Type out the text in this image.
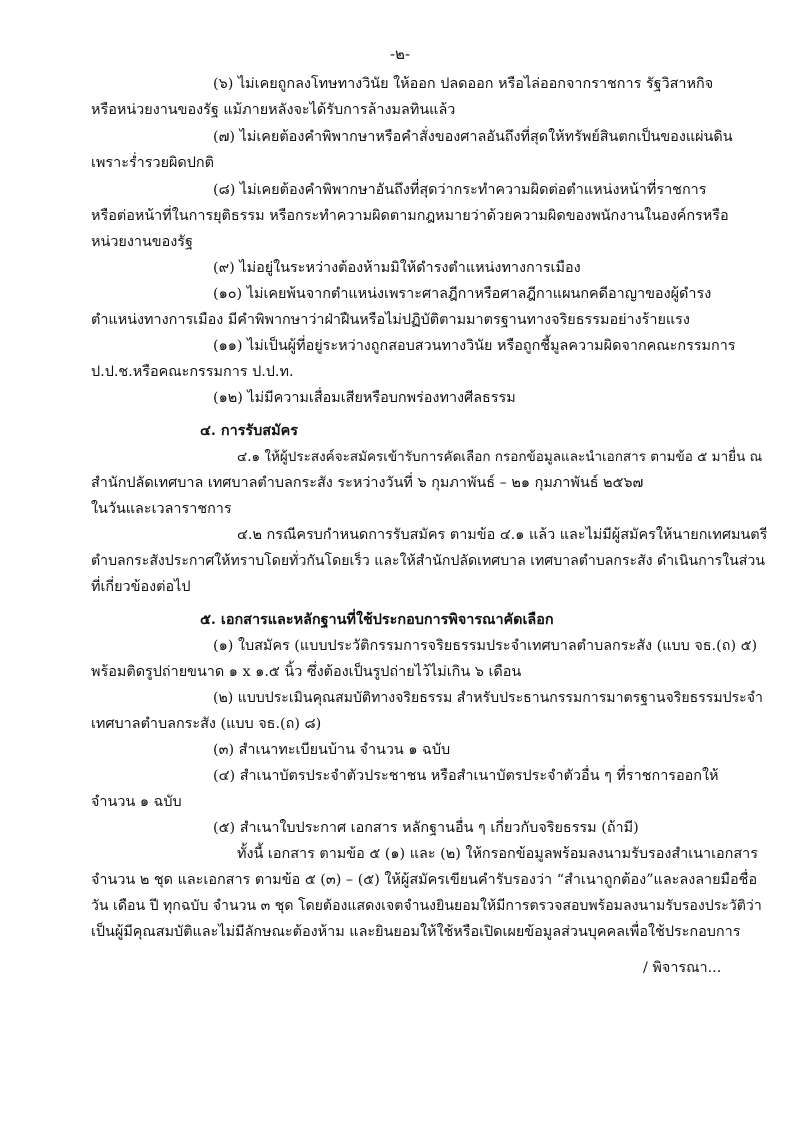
-๒-
(๖) ไม่เคยถูกลงโทษทางวินัย ให้ออก ปลดออก หรือไล่ออกจากราชการ รัฐวิสาหกิจ
หรือหน่วยงานของรัฐ แม้ภายหลังจะได้รับการล้างมลทินแล้ว
(๗) ไม่เคยต้องคำพิพากษาหรือคำสั่งของศาลอันถึงที่สุดให้ทรัพย์สินตกเป็นของแผ่นดิน
เพราะร่ำรวยผิดปกติ
(๘) ไม่เคยต้องคำพิพากษาอันถึงที่สุดว่ากระทำความผิดต่อตำแหน่งหน้าที่ราชการ
หรือต่อหน้าที่ในการยุติธรรม หรือกระทำความผิดตามกฎหมายว่าด้วยความผิดของพนักงานในองค์กรหรือ
หน่วยงานของรัฐ
(๙) ไม่อยู่ในระหว่างต้องห้ามมิให้ดำรงตำแหน่งทางการเมือง
(๑๐) ไม่เคยพ้นจากตำแหน่งเพราะศาลฎีกาหรือศาลฎีกาแผนกคดีอาญาของผู้ดำรง
ตำแหน่งทางการเมือง มีคำพิพากษาว่าฝ่าฝืนหรือไม่ปฏิบัติตามมาตรฐานทางจริยธรรมอย่างร้ายแรง
(๑๑) ไม่เป็นผู้ที่อยู่ระหว่างถูกสอบสวนทางวินัย หรือถูกชี้มูลความผิดจากคณะกรรมการ
ป.ป.ช.หรือคณะกรรมการ ป.ป.ท.
(๑๒) ไม่มีความเสื่อมเสียหรือบกพร่องทางศีลธรรม
๔. การรับสมัคร
๔.๑ ให้ผู้ประสงค์จะสมัครเข้ารับการคัดเลือก กรอกข้อมูลและนำเอกสาร ตามข้อ ๕ มายื่น ณ
สำนักปลัดเทศบาล เทศบาลตำบลกระสัง ระหว่างวันที่ ๖ กุมภาพันธ์ – ๒๑ กุมภาพันธ์ ๒๕๖๗
ในวันและเวลาราชการ
๔.๒ กรณีครบกำหนดการรับสมัคร ตามข้อ ๔.๑ แล้ว และไม่มีผู้สมัครให้นายกเทศมนตรี
ตำบลกระสังประกาศให้ทราบโดยทั่วกันโดยเร็ว และให้สำนักปลัดเทศบาล เทศบาลตำบลกระสัง ดำเนินการในส่วน
ที่เกี่ยวข้องต่อไป
๕. เอกสารและหลักฐานที่ใช้ประกอบการพิจารณาคัดเลือก
(๑) ใบสมัคร (แบบประวัติกรรมการจริยธรรมประจำเทศบาลตำบลกระสัง (แบบ จธ.(ถ) ๕)
พร้อมติดรูปถ่ายขนาด ๑ x ๑.๕ นิ้ว ซึ่งต้องเป็นรูปถ่ายไว้ไม่เกิน ๖ เดือน
(๒) แบบประเมินคุณสมบัติทางจริยธรรม สำหรับประธานกรรมการมาตรฐานจริยธรรมประจำ
เทศบาลตำบลกระสัง (แบบ จธ.(ถ) ๘)
(๓) สำเนาทะเบียนบ้าน จำนวน ๑ ฉบับ
(๔) สำเนาบัตรประจำตัวประชาชน หรือสำเนาบัตรประจำตัวอื่น ๆ ที่ราชการออกให้
จำนวน ๑ ฉบับ
(๕) สำเนาใบประกาศ เอกสาร หลักฐานอื่น ๆ เกี่ยวกับจริยธรรม (ถ้ามี)
ทั้งนี้ เอกสาร ตามข้อ ๕ (๑) และ (๒) ให้กรอกข้อมูลพร้อมลงนามรับรองสำเนาเอกสาร
จำนวน ๒ ชุด และเอกสาร ตามข้อ ๕ (๓) – (๕) ให้ผู้สมัครเขียนคำรับรองว่า “สำเนาถูกต้อง”และลงลายมือชื่อ
วัน เดือน ปี ทุกฉบับ จำนวน ๓ ชุด โดยต้องแสดงเจตจำนงยินยอมให้มีการตรวจสอบพร้อมลงนามรับรองประวัติว่า
เป็นผู้มีคุณสมบัติและไม่มีลักษณะต้องห้าม และยินยอมให้ใช้หรือเปิดเผยข้อมูลส่วนบุคคลเพื่อใช้ประกอบการ
/ พิจารณา...
